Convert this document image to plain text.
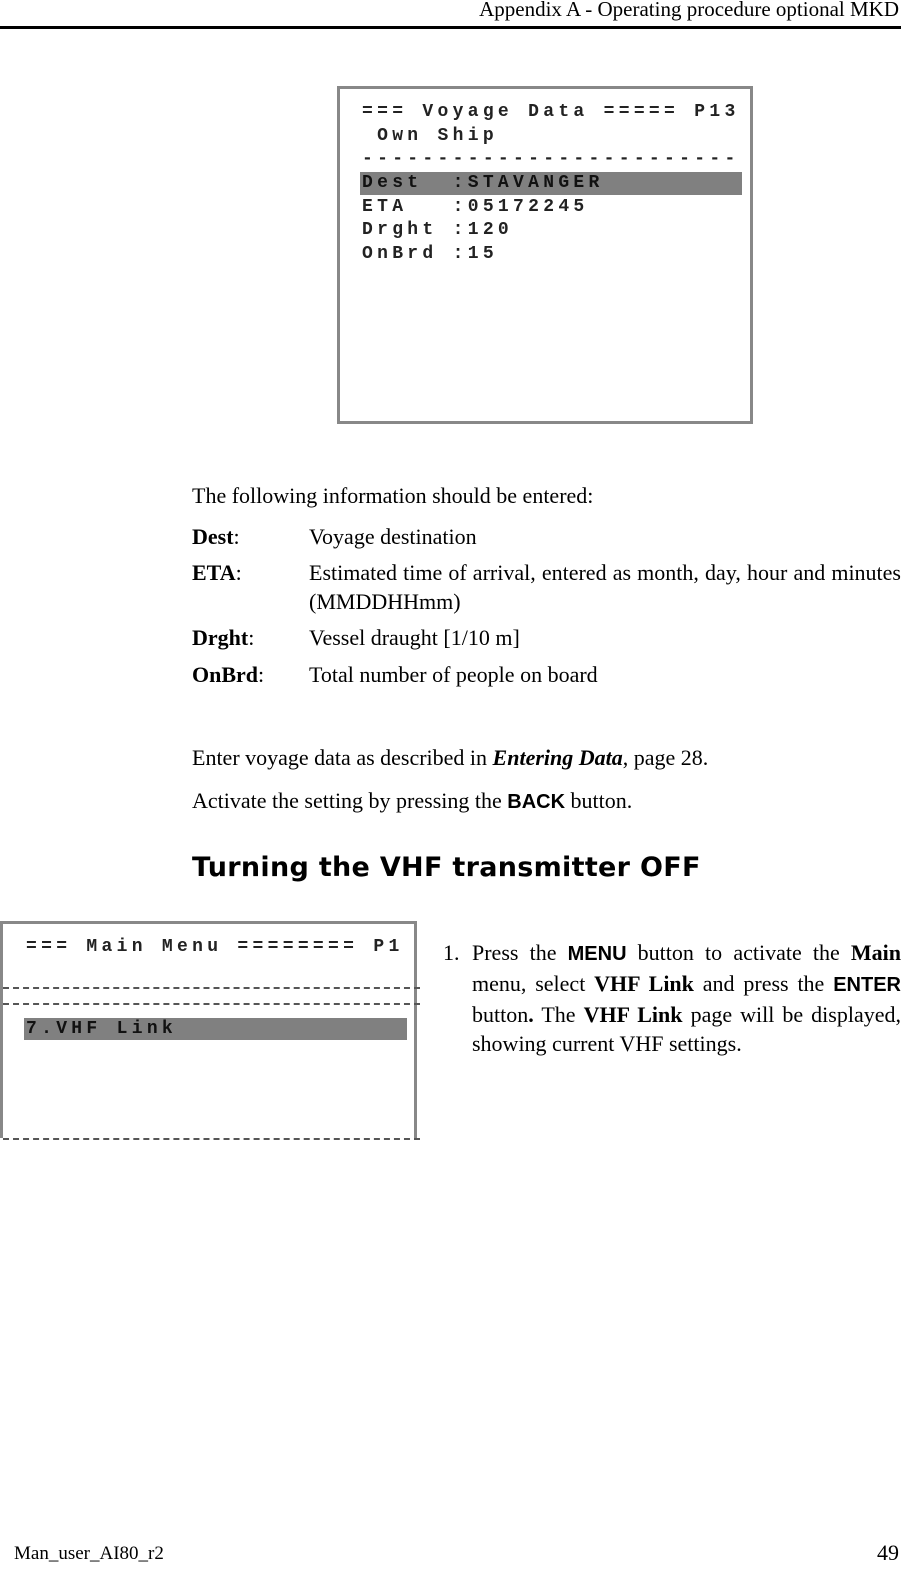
Appendix A - Operating procedure optional MKD
=== Voyage Data ===== P13
Own Ship
-------------------------
Dest  :STAVANGER
ETA   :05172245
Drght :120
OnBrd :15
The following information should be entered:
Dest:	Voyage destination
ETA:	Estimated time of arrival, entered as month, day, hour and minutes (MMDDHHmm)
Drght: Vessel draught [1/10 m]
OnBrd: Total number of people on board
Enter voyage data as described in Entering Data, page 28.
Activate the setting by pressing the BACK button.
Turning the VHF transmitter OFF
=== Main Menu ======== P1
7.VHF Link
1. Press the MENU button to activate the Main menu, select VHF Link and press the ENTER button. The VHF Link page will be displayed, showing current VHF settings.
Man_user_AI80_r2	49
